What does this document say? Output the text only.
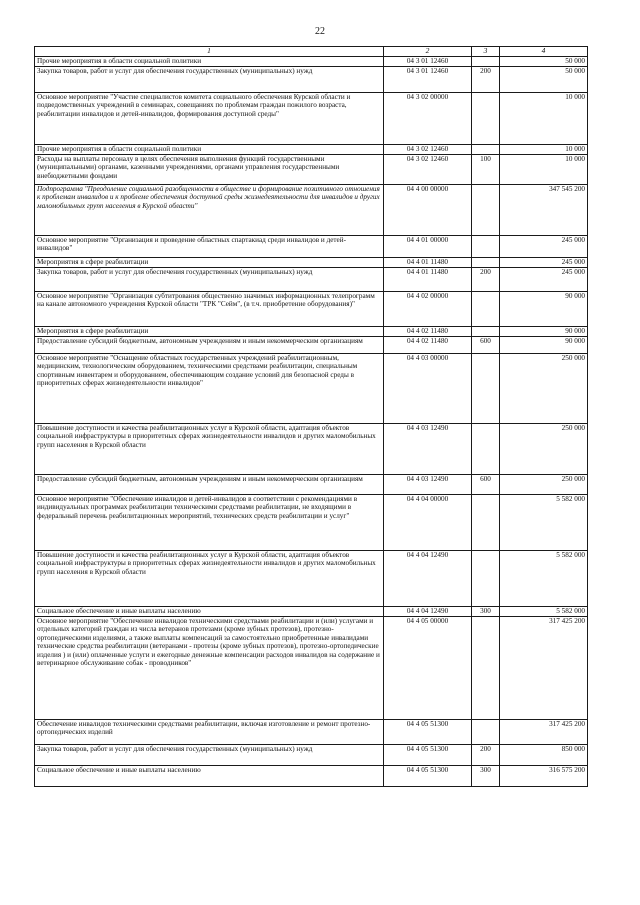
22
1	2	3	4
Прочие мероприятия в области социальной политики	04 3 01 12460		50 000
Закупка товаров, работ и услуг для обеспечения государственных (муниципальных) нужд	04 3 01 12460	200	50 000
Основное мероприятие "Участие специалистов комитета социального обеспечения Курской области и подведомственных учреждений в семинарах, совещаниях по проблемам граждан пожилого возраста, реабилитации инвалидов и детей-инвалидов, формирования доступной среды"	04 3 02 00000		10 000
Прочие мероприятия в области социальной политики	04 3 02 12460		10 000
Расходы на выплаты персоналу в целях обеспечения выполнения функций государственными (муниципальными) органами, казенными учреждениями, органами управления государственными внебюджетными фондами	04 3 02 12460	100	10 000
Подпрограмма "Преодоление социальной разобщенности в обществе и формирование позитивного отношения к проблемам инвалидов и к проблеме обеспечения доступной среды жизнедеятельности для инвалидов и других маломобильных групп населения в Курской области"	04 4 00 00000		347 545 200
Основное мероприятие "Организация и проведение областных спартакиад среди инвалидов и детей-инвалидов"	04 4 01 00000		245 000
Мероприятия в сфере реабилитации	04 4 01 11480		245 000
Закупка товаров, работ и услуг для обеспечения государственных (муниципальных) нужд	04 4 01 11480	200	245 000
Основное мероприятие "Организация субтитрования общественно значимых информационных телепрограмм на канале автономного учреждения Курской области "ТРК "Сейм", (в т.ч. приобретение оборудования)"	04 4 02 00000		90 000
Мероприятия в сфере реабилитации	04 4 02 11480		90 000
Предоставление субсидий бюджетным, автономным учреждениям и иным некоммерческим организациям	04 4 02 11480	600	90 000
Основное мероприятие "Оснащение областных государственных учреждений реабилитационным, медицинским, технологическим оборудованием, техническими средствами реабилитации, специальным спортивным инвентарем и оборудованием, обеспечивающим создание условий для безопасной среды в приоритетных сферах жизнедеятельности инвалидов"	04 4 03 00000		250 000
Повышение доступности и качества реабилитационных услуг в Курской области, адаптация объектов социальной инфраструктуры в приоритетных сферах жизнедеятельности инвалидов и других маломобильных групп населения в Курской области	04 4 03 12490		250 000
Предоставление субсидий бюджетным, автономным учреждениям и иным некоммерческим организациям	04 4 03 12490	600	250 000
Основное мероприятие "Обеспечение инвалидов и детей-инвалидов в соответствии с рекомендациями в индивидуальных программах реабилитации техническими средствами реабилитации, не входящими в федеральный перечень реабилитационных мероприятий, технических средств реабилитации и услуг"	04 4 04 00000		5 582 000
Повышение доступности и качества реабилитационных услуг в Курской области, адаптация объектов социальной инфраструктуры в приоритетных сферах жизнедеятельности инвалидов и других маломобильных групп населения в Курской области	04 4 04 12490		5 582 000
Социальное обеспечение и иные выплаты населению	04 4 04 12490	300	5 582 000
Основное мероприятие "Обеспечение инвалидов техническими средствами реабилитации и (или) услугами и отдельных категорий граждан из числа ветеранов протезами (кроме зубных протезов), протезно-ортопедическими изделиями, а также выплаты компенсаций за самостоятельно приобретенные инвалидами технические средства реабилитации (ветеранами - протезы (кроме зубных протезов), протезно-ортопедические изделия ) и (или) оплаченные услуги и ежегодные денежные компенсации расходов инвалидов на содержание и ветеринарное обслуживание собак - проводников"	04 4 05 00000		317 425 200
Обеспечение инвалидов техническими средствами реабилитации, включая изготовление и ремонт протезно-ортопедических изделий	04 4 05 51300		317 425 200
Закупка товаров, работ и услуг для обеспечения государственных (муниципальных) нужд	04 4 05 51300	200	850 000
Социальное обеспечение и иные выплаты населению	04 4 05 51300	300	316 575 200
